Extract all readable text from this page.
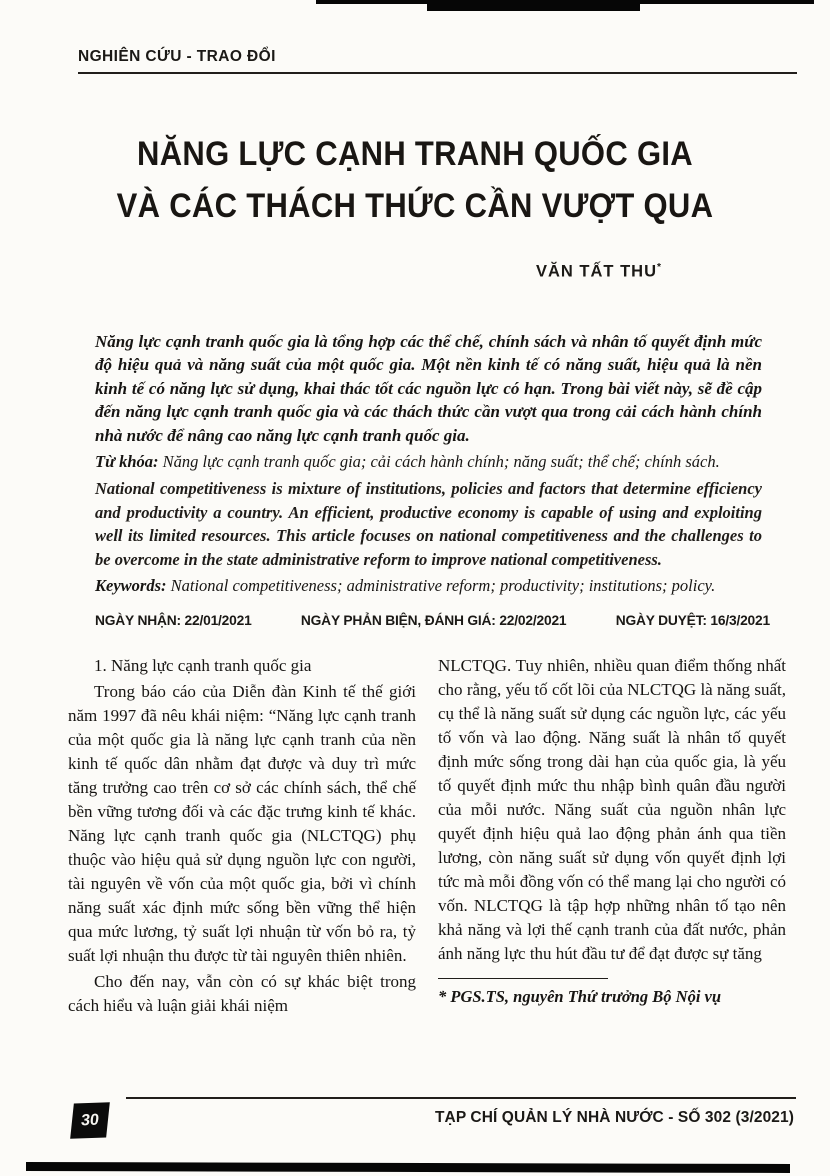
NGHIÊN CỨU - TRAO ĐỔI
NĂNG LỰC CẠNH TRANH QUỐC GIA
VÀ CÁC THÁCH THỨC CẦN VƯỢT QUA
VĂN TẤT THU*

Năng lực cạnh tranh quốc gia là tổng hợp các thể chế, chính sách và nhân tố quyết định mức độ hiệu quả và năng suất của một quốc gia. Một nền kinh tế có năng suất, hiệu quả là nền kinh tế có năng lực sử dụng, khai thác tốt các nguồn lực có hạn. Trong bài viết này, sẽ đề cập đến năng lực cạnh tranh quốc gia và các thách thức cần vượt qua trong cải cách hành chính nhà nước để nâng cao năng lực cạnh tranh quốc gia.

Từ khóa: Năng lực cạnh tranh quốc gia; cải cách hành chính; năng suất; thể chế; chính sách.

National competitiveness is mixture of institutions, policies and factors that determine efficiency and productivity a country. An efficient, productive economy is capable of using and exploiting well its limited resources. This article focuses on national competitiveness and the challenges to be overcome in the state administrative reform to improve national competitiveness.

Keywords: National competitiveness; administrative reform; productivity; institutions; policy.

NGÀY NHẬN: 22/01/2021	NGÀY PHẢN BIỆN, ĐÁNH GIÁ: 22/02/2021	NGÀY DUYỆT: 16/3/2021

1. Năng lực cạnh tranh quốc gia

Trong báo cáo của Diễn đàn Kinh tế thế giới năm 1997 đã nêu khái niệm: “Năng lực cạnh tranh của một quốc gia là năng lực cạnh tranh của nền kinh tế quốc dân nhằm đạt được và duy trì mức tăng trưởng cao trên cơ sở các chính sách, thể chế bền vững tương đối và các đặc trưng kinh tế khác. Năng lực cạnh tranh quốc gia (NLCTQG) phụ thuộc vào hiệu quả sử dụng nguồn lực con người, tài nguyên về vốn của một quốc gia, bởi vì chính năng suất xác định mức sống bền vững thể hiện qua mức lương, tỷ suất lợi nhuận từ vốn bỏ ra, tỷ suất lợi nhuận thu được từ tài nguyên thiên nhiên.

Cho đến nay, vẫn còn có sự khác biệt trong cách hiểu và luận giải khái niệm

NLCTQG. Tuy nhiên, nhiều quan điểm thống nhất cho rằng, yếu tố cốt lõi của NLCTQG là năng suất, cụ thể là năng suất sử dụng các nguồn lực, các yếu tố vốn và lao động. Năng suất là nhân tố quyết định mức sống trong dài hạn của quốc gia, là yếu tố quyết định mức thu nhập bình quân đầu người của mỗi nước. Năng suất của nguồn nhân lực quyết định hiệu quả lao động phản ánh qua tiền lương, còn năng suất sử dụng vốn quyết định lợi tức mà mỗi đồng vốn có thể mang lại cho người có vốn. NLCTQG là tập hợp những nhân tố tạo nên khả năng và lợi thế cạnh tranh của đất nước, phản ánh năng lực thu hút đầu tư để đạt được sự tăng

* PGS.TS, nguyên Thứ trưởng Bộ Nội vụ

30	TẠP CHÍ QUẢN LÝ NHÀ NƯỚC - SỐ 302 (3/2021)
